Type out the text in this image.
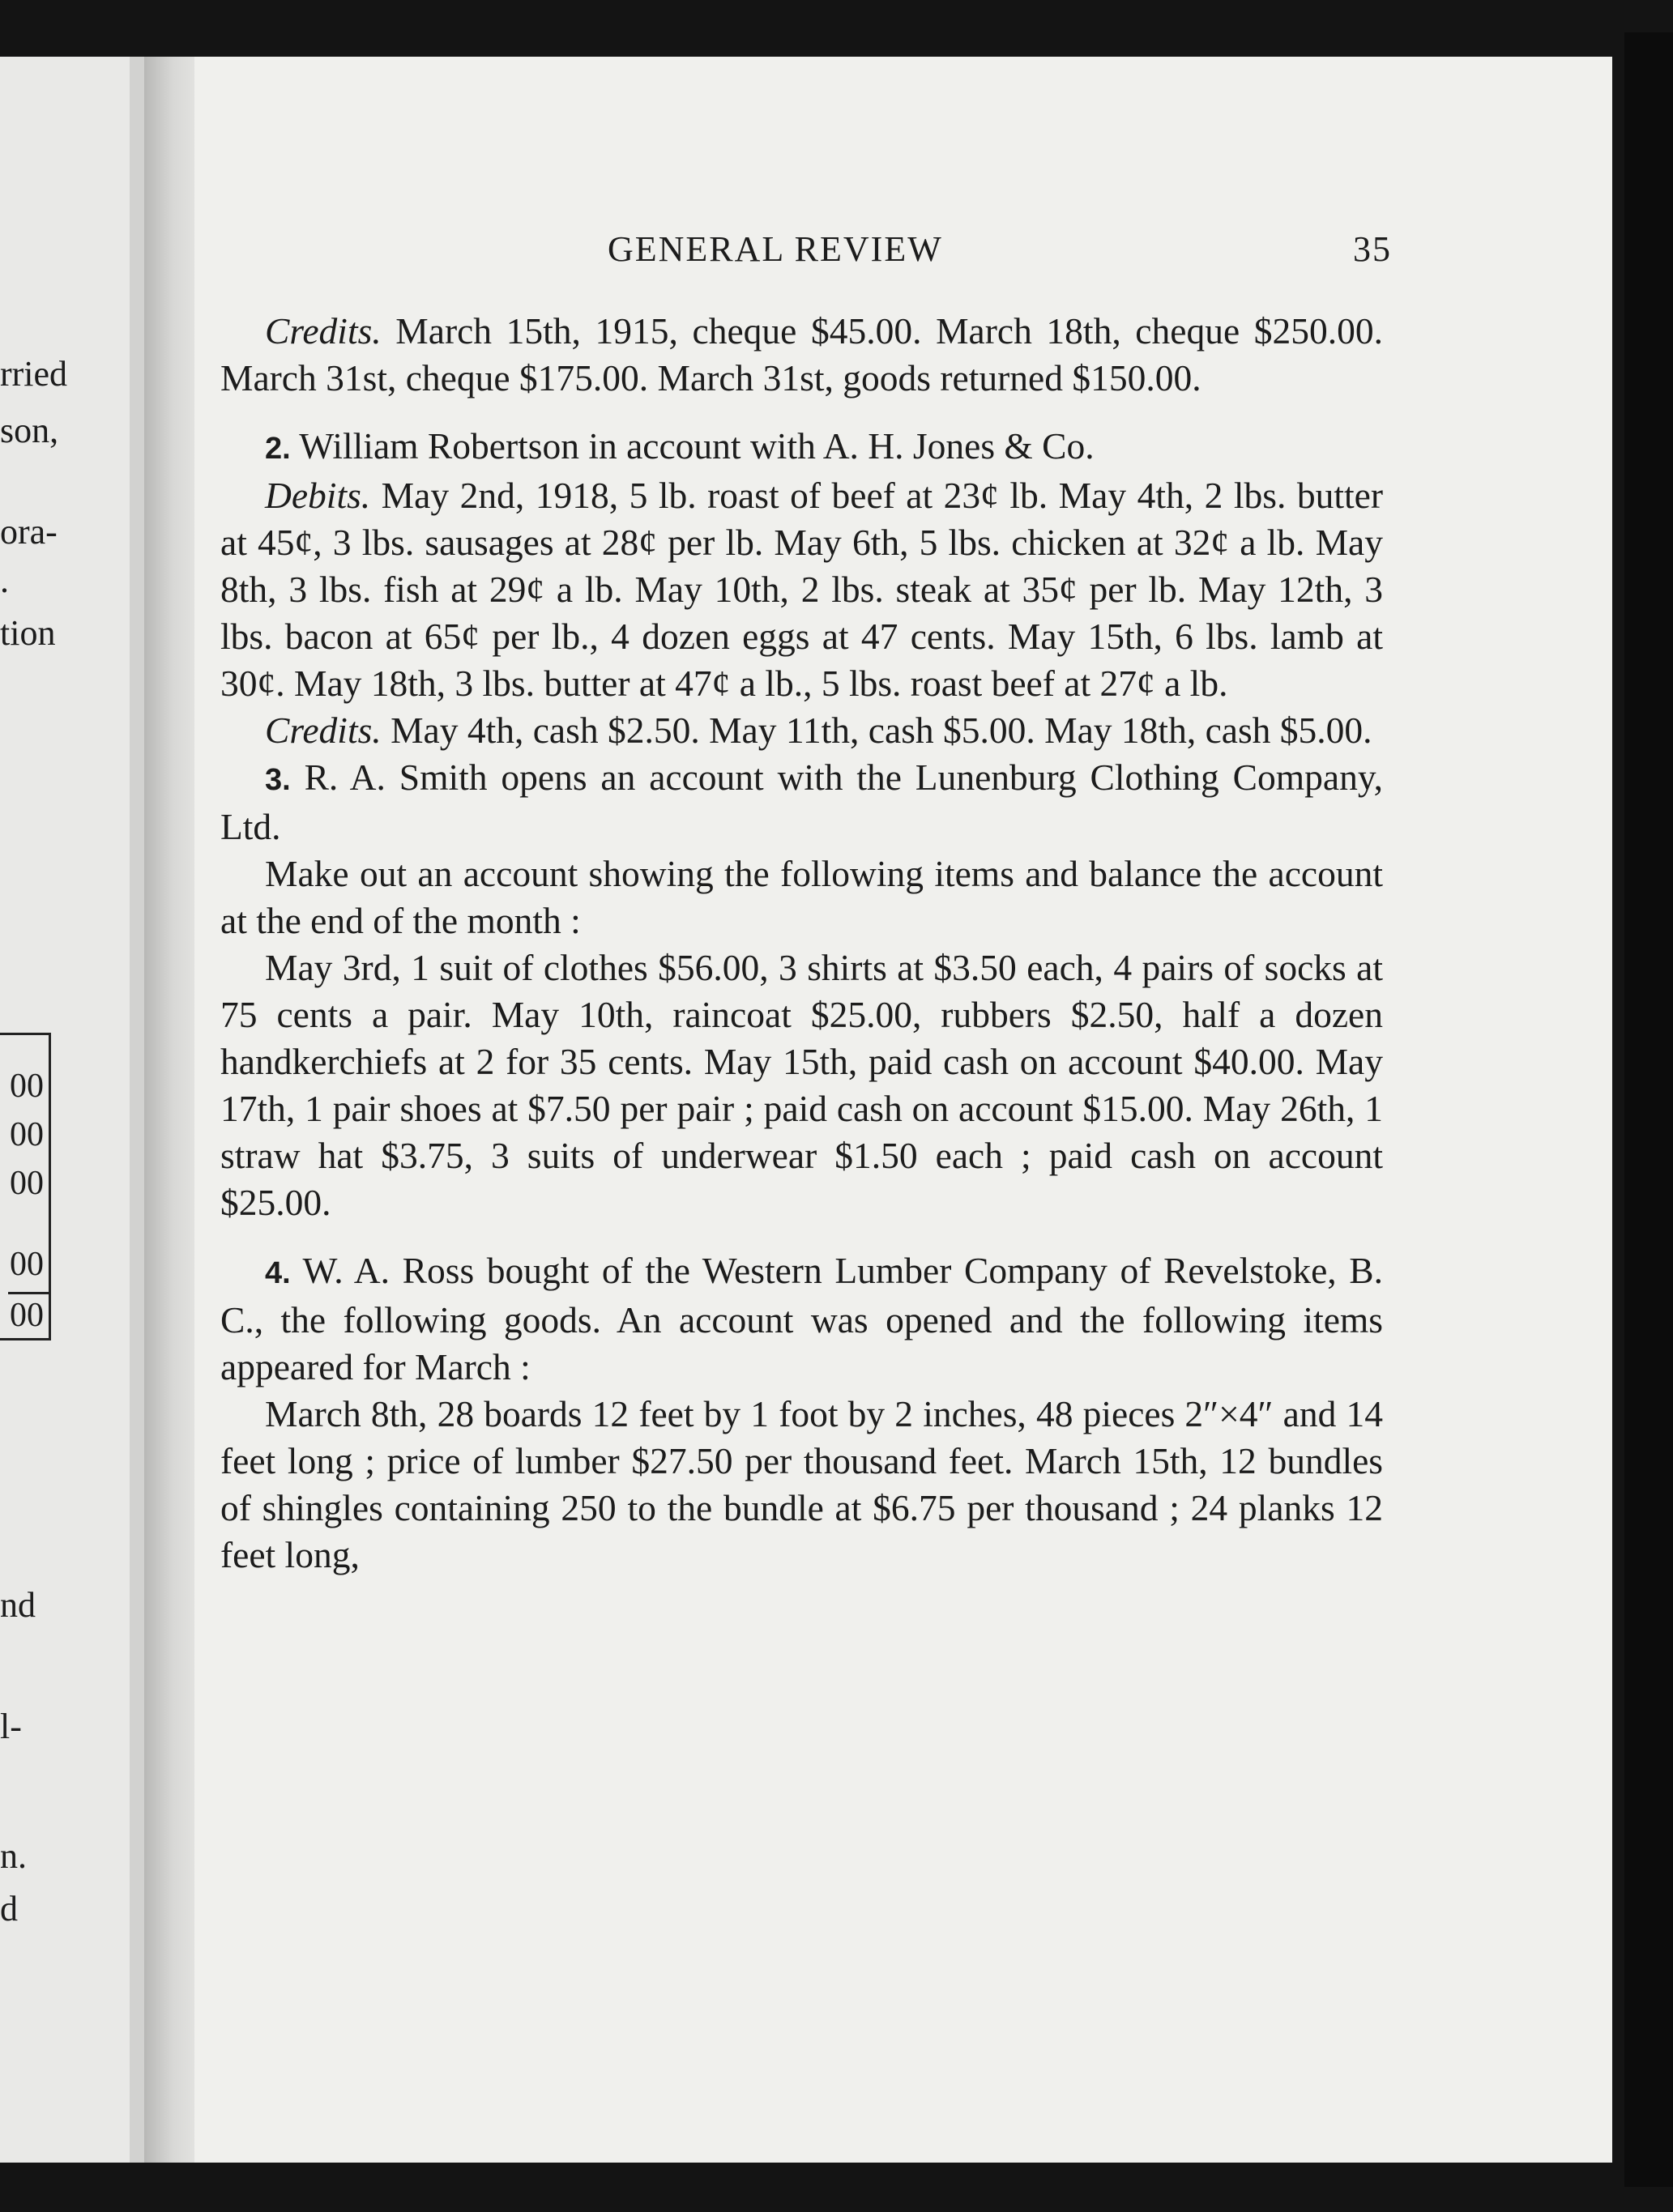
rried
son,
ora-
.
tion
00
00
00
00
00
nd
l-
n.
d
GENERAL REVIEW	35

Credits. March 15th, 1915, cheque $45.00. March 18th, cheque $250.00. March 31st, cheque $175.00. March 31st, goods returned $150.00.

2. William Robertson in account with A. H. Jones & Co.

Debits. May 2nd, 1918, 5 lb. roast of beef at 23¢ lb. May 4th, 2 lbs. butter at 45¢, 3 lbs. sausages at 28¢ per lb. May 6th, 5 lbs. chicken at 32¢ a lb. May 8th, 3 lbs. fish at 29¢ a lb. May 10th, 2 lbs. steak at 35¢ per lb. May 12th, 3 lbs. bacon at 65¢ per lb., 4 dozen eggs at 47 cents. May 15th, 6 lbs. lamb at 30¢. May 18th, 3 lbs. butter at 47¢ a lb., 5 lbs. roast beef at 27¢ a lb.

Credits. May 4th, cash $2.50. May 11th, cash $5.00. May 18th, cash $5.00.

3. R. A. Smith opens an account with the Lunenburg Clothing Company, Ltd.

Make out an account showing the following items and balance the account at the end of the month :

May 3rd, 1 suit of clothes $56.00, 3 shirts at $3.50 each, 4 pairs of socks at 75 cents a pair. May 10th, raincoat $25.00, rubbers $2.50, half a dozen handkerchiefs at 2 for 35 cents. May 15th, paid cash on account $40.00. May 17th, 1 pair shoes at $7.50 per pair ; paid cash on account $15.00. May 26th, 1 straw hat $3.75, 3 suits of underwear $1.50 each ; paid cash on account $25.00.

4. W. A. Ross bought of the Western Lumber Company of Revelstoke, B. C., the following goods. An account was opened and the following items appeared for March :

March 8th, 28 boards 12 feet by 1 foot by 2 inches, 48 pieces 2″×4″ and 14 feet long ; price of lumber $27.50 per thousand feet. March 15th, 12 bundles of shingles containing 250 to the bundle at $6.75 per thousand ; 24 planks 12 feet long,
